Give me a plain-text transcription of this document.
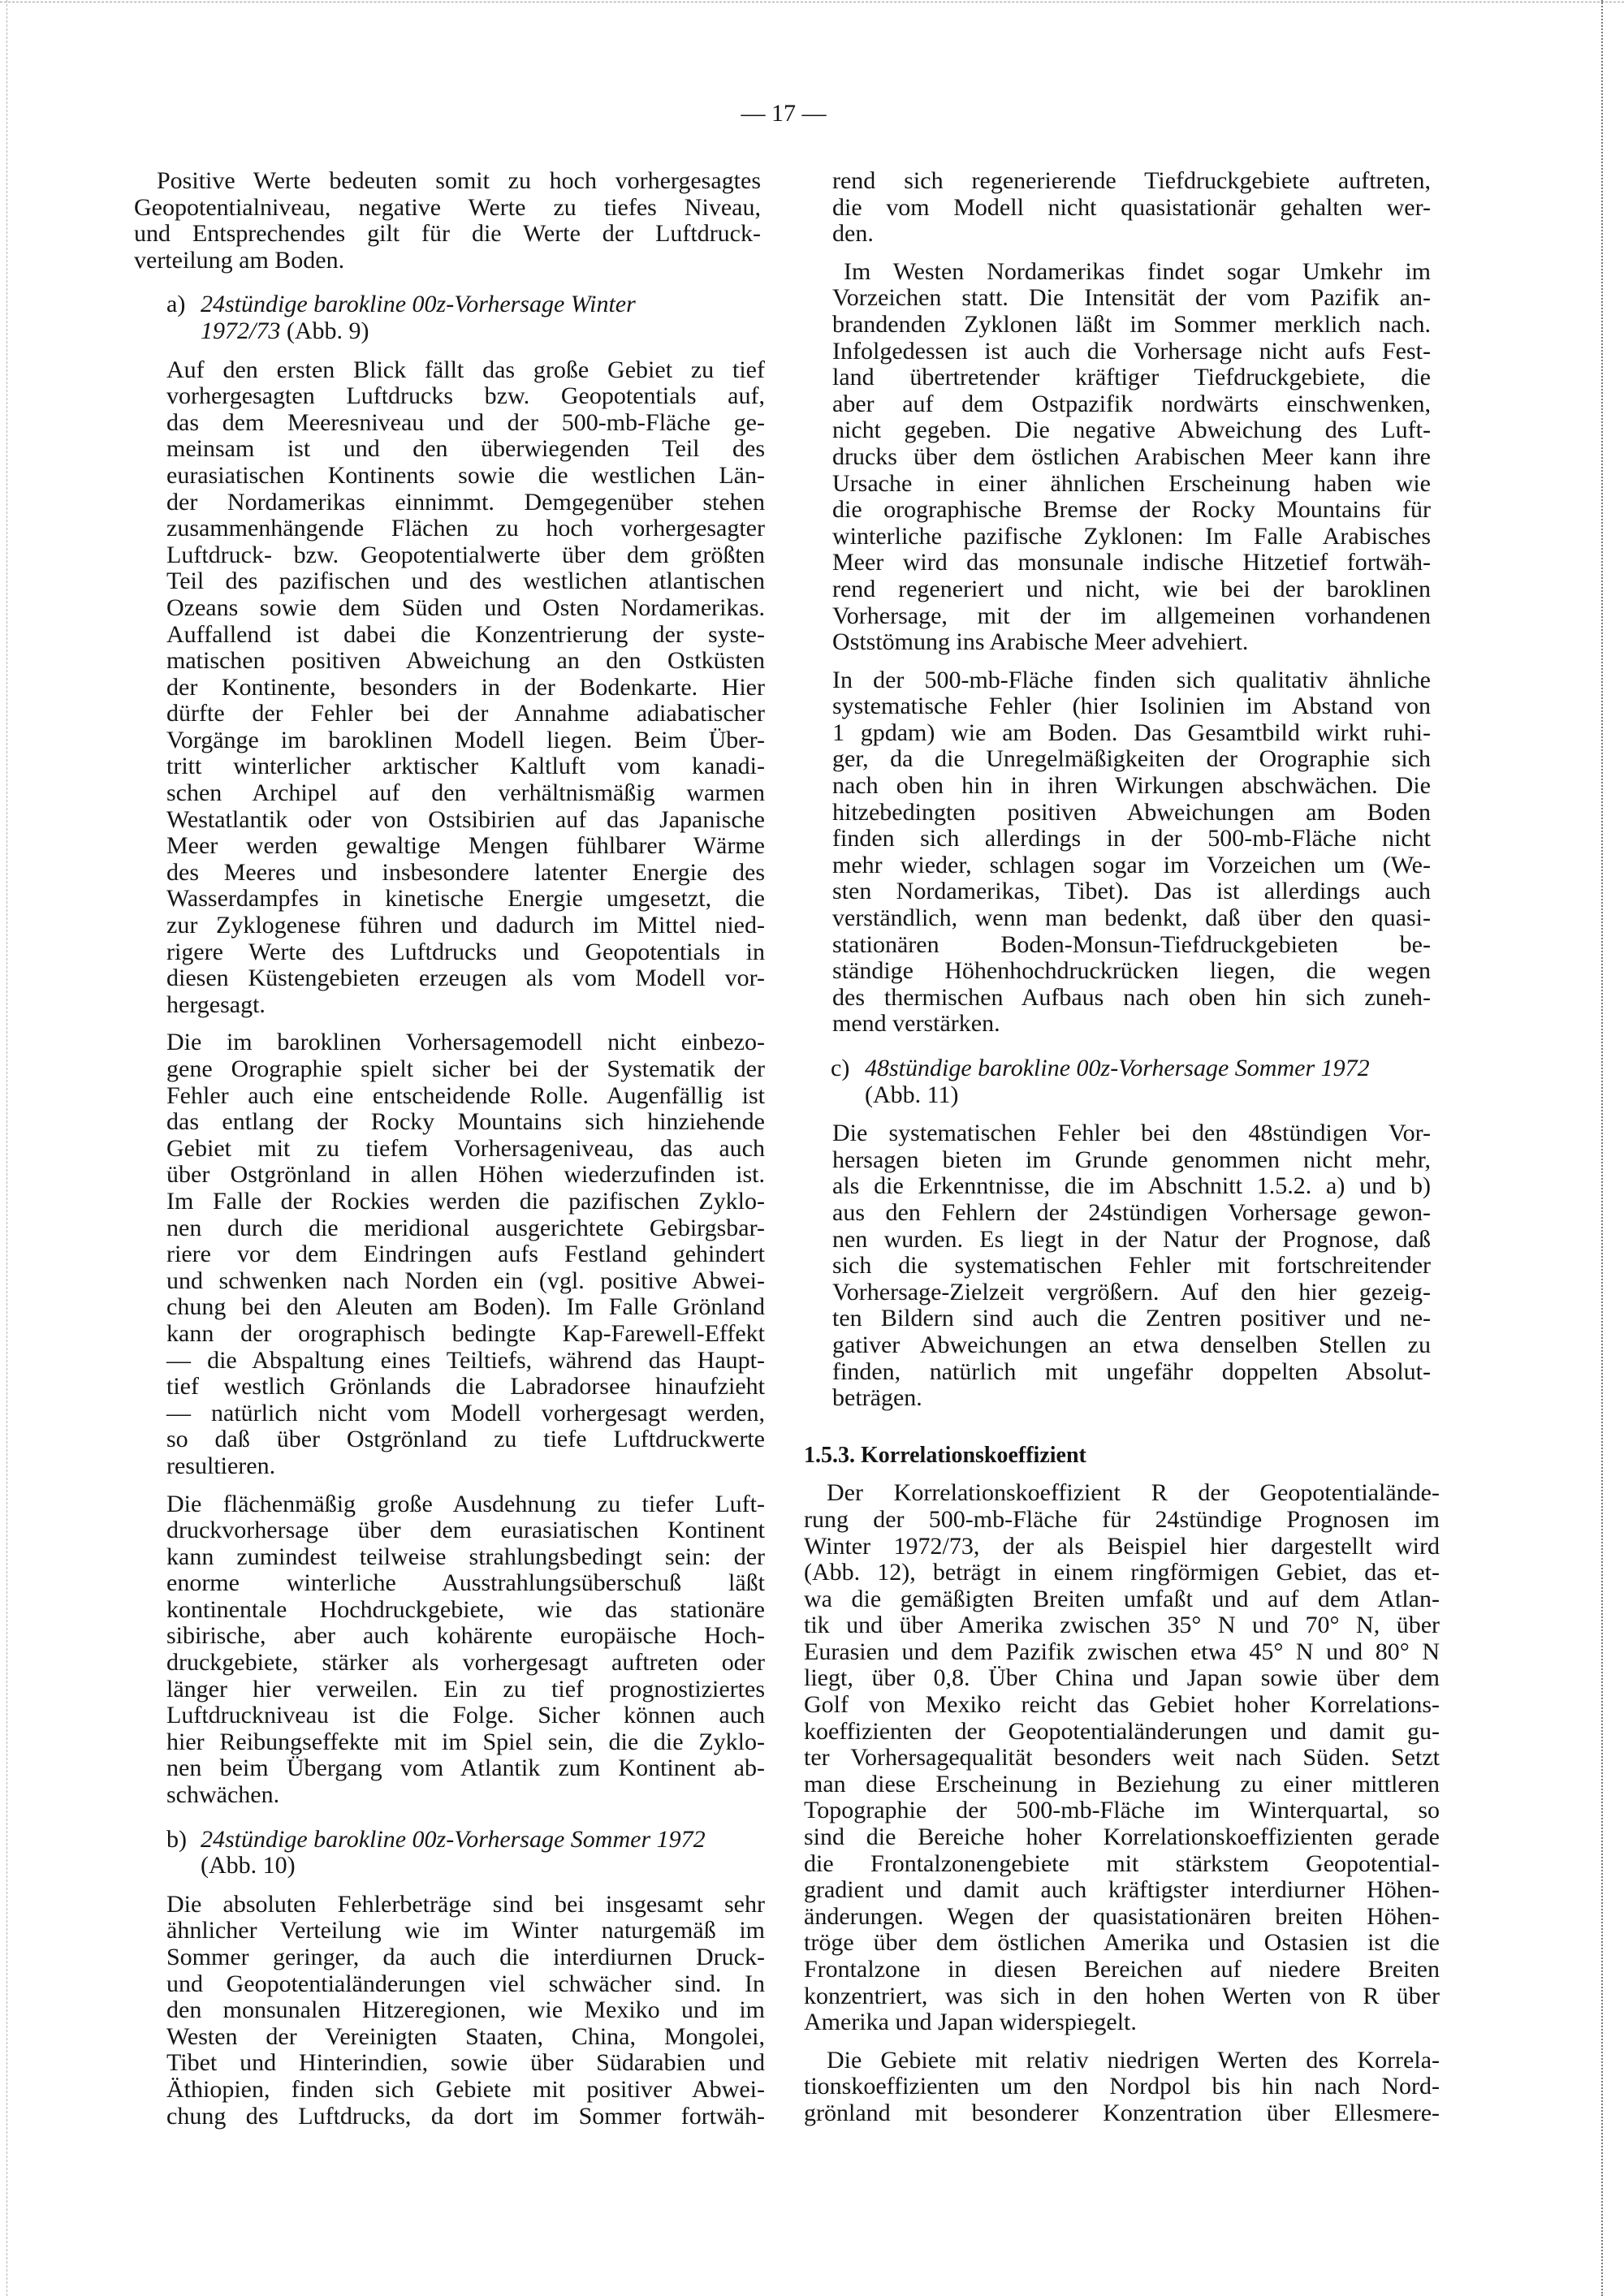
— 17 —
Positive Werte bedeuten somit zu hoch vorhergesagtes
Geopotentialniveau, negative Werte zu tiefes Niveau,
und Entsprechendes gilt für die Werte der Luftdruck-
verteilung am Boden.
a) 24stündige barokline 00z-Vorhersage Winter
1972/73 (Abb. 9)
Auf den ersten Blick fällt das große Gebiet zu tief
vorhergesagten Luftdrucks bzw. Geopotentials auf,
das dem Meeresniveau und der 500-mb-Fläche ge-
meinsam ist und den überwiegenden Teil des
eurasiatischen Kontinents sowie die westlichen Län-
der Nordamerikas einnimmt. Demgegenüber stehen
zusammenhängende Flächen zu hoch vorhergesagter
Luftdruck- bzw. Geopotentialwerte über dem größten
Teil des pazifischen und des westlichen atlantischen
Ozeans sowie dem Süden und Osten Nordamerikas.
Auffallend ist dabei die Konzentrierung der syste-
matischen positiven Abweichung an den Ostküsten
der Kontinente, besonders in der Bodenkarte. Hier
dürfte der Fehler bei der Annahme adiabatischer
Vorgänge im baroklinen Modell liegen. Beim Über-
tritt winterlicher arktischer Kaltluft vom kanadi-
schen Archipel auf den verhältnismäßig warmen
Westatlantik oder von Ostsibirien auf das Japanische
Meer werden gewaltige Mengen fühlbarer Wärme
des Meeres und insbesondere latenter Energie des
Wasserdampfes in kinetische Energie umgesetzt, die
zur Zyklogenese führen und dadurch im Mittel nied-
rigere Werte des Luftdrucks und Geopotentials in
diesen Küstengebieten erzeugen als vom Modell vor-
hergesagt.
Die im baroklinen Vorhersagemodell nicht einbezo-
gene Orographie spielt sicher bei der Systematik der
Fehler auch eine entscheidende Rolle. Augenfällig ist
das entlang der Rocky Mountains sich hinziehende
Gebiet mit zu tiefem Vorhersageniveau, das auch
über Ostgrönland in allen Höhen wiederzufinden ist.
Im Falle der Rockies werden die pazifischen Zyklo-
nen durch die meridional ausgerichtete Gebirgsbar-
riere vor dem Eindringen aufs Festland gehindert
und schwenken nach Norden ein (vgl. positive Abwei-
chung bei den Aleuten am Boden). Im Falle Grönland
kann der orographisch bedingte Kap-Farewell-Effekt
— die Abspaltung eines Teiltiefs, während das Haupt-
tief westlich Grönlands die Labradorsee hinaufzieht
— natürlich nicht vom Modell vorhergesagt werden,
so daß über Ostgrönland zu tiefe Luftdruckwerte
resultieren.
Die flächenmäßig große Ausdehnung zu tiefer Luft-
druckvorhersage über dem eurasiatischen Kontinent
kann zumindest teilweise strahlungsbedingt sein: der
enorme winterliche Ausstrahlungsüberschuß läßt
kontinentale Hochdruckgebiete, wie das stationäre
sibirische, aber auch kohärente europäische Hoch-
druckgebiete, stärker als vorhergesagt auftreten oder
länger hier verweilen. Ein zu tief prognostiziertes
Luftdruckniveau ist die Folge. Sicher können auch
hier Reibungseffekte mit im Spiel sein, die die Zyklo-
nen beim Übergang vom Atlantik zum Kontinent ab-
schwächen.
b) 24stündige barokline 00z-Vorhersage Sommer 1972
(Abb. 10)
Die absoluten Fehlerbeträge sind bei insgesamt sehr
ähnlicher Verteilung wie im Winter naturgemäß im
Sommer geringer, da auch die interdiurnen Druck-
und Geopotentialänderungen viel schwächer sind. In
den monsunalen Hitzeregionen, wie Mexiko und im
Westen der Vereinigten Staaten, China, Mongolei,
Tibet und Hinterindien, sowie über Südarabien und
Äthiopien, finden sich Gebiete mit positiver Abwei-
chung des Luftdrucks, da dort im Sommer fortwäh-
rend sich regenerierende Tiefdruckgebiete auftreten,
die vom Modell nicht quasistationär gehalten wer-
den.
Im Westen Nordamerikas findet sogar Umkehr im
Vorzeichen statt. Die Intensität der vom Pazifik an-
brandenden Zyklonen läßt im Sommer merklich nach.
Infolgedessen ist auch die Vorhersage nicht aufs Fest-
land übertretender kräftiger Tiefdruckgebiete, die
aber auf dem Ostpazifik nordwärts einschwenken,
nicht gegeben. Die negative Abweichung des Luft-
drucks über dem östlichen Arabischen Meer kann ihre
Ursache in einer ähnlichen Erscheinung haben wie
die orographische Bremse der Rocky Mountains für
winterliche pazifische Zyklonen: Im Falle Arabisches
Meer wird das monsunale indische Hitzetief fortwäh-
rend regeneriert und nicht, wie bei der baroklinen
Vorhersage, mit der im allgemeinen vorhandenen
Oststömung ins Arabische Meer advehiert.
In der 500-mb-Fläche finden sich qualitativ ähnliche
systematische Fehler (hier Isolinien im Abstand von
1 gpdam) wie am Boden. Das Gesamtbild wirkt ruhi-
ger, da die Unregelmäßigkeiten der Orographie sich
nach oben hin in ihren Wirkungen abschwächen. Die
hitzebedingten positiven Abweichungen am Boden
finden sich allerdings in der 500-mb-Fläche nicht
mehr wieder, schlagen sogar im Vorzeichen um (We-
sten Nordamerikas, Tibet). Das ist allerdings auch
verständlich, wenn man bedenkt, daß über den quasi-
stationären Boden-Monsun-Tiefdruckgebieten be-
ständige Höhenhochdruckrücken liegen, die wegen
des thermischen Aufbaus nach oben hin sich zuneh-
mend verstärken.
c) 48stündige barokline 00z-Vorhersage Sommer 1972
(Abb. 11)
Die systematischen Fehler bei den 48stündigen Vor-
hersagen bieten im Grunde genommen nicht mehr,
als die Erkenntnisse, die im Abschnitt 1.5.2. a) und b)
aus den Fehlern der 24stündigen Vorhersage gewon-
nen wurden. Es liegt in der Natur der Prognose, daß
sich die systematischen Fehler mit fortschreitender
Vorhersage-Zielzeit vergrößern. Auf den hier gezeig-
ten Bildern sind auch die Zentren positiver und ne-
gativer Abweichungen an etwa denselben Stellen zu
finden, natürlich mit ungefähr doppelten Absolut-
beträgen.
1.5.3. Korrelationskoeffizient
Der Korrelationskoeffizient R der Geopotentialände-
rung der 500-mb-Fläche für 24stündige Prognosen im
Winter 1972/73, der als Beispiel hier dargestellt wird
(Abb. 12), beträgt in einem ringförmigen Gebiet, das et-
wa die gemäßigten Breiten umfaßt und auf dem Atlan-
tik und über Amerika zwischen 35° N und 70° N, über
Eurasien und dem Pazifik zwischen etwa 45° N und 80° N
liegt, über 0,8. Über China und Japan sowie über dem
Golf von Mexiko reicht das Gebiet hoher Korrelations-
koeffizienten der Geopotentialänderungen und damit gu-
ter Vorhersagequalität besonders weit nach Süden. Setzt
man diese Erscheinung in Beziehung zu einer mittleren
Topographie der 500-mb-Fläche im Winterquartal, so
sind die Bereiche hoher Korrelationskoeffizienten gerade
die Frontalzonengebiete mit stärkstem Geopotential-
gradient und damit auch kräftigster interdiurner Höhen-
änderungen. Wegen der quasistationären breiten Höhen-
tröge über dem östlichen Amerika und Ostasien ist die
Frontalzone in diesen Bereichen auf niedere Breiten
konzentriert, was sich in den hohen Werten von R über
Amerika und Japan widerspiegelt.
Die Gebiete mit relativ niedrigen Werten des Korrela-
tionskoeffizienten um den Nordpol bis hin nach Nord-
grönland mit besonderer Konzentration über Ellesmere-
